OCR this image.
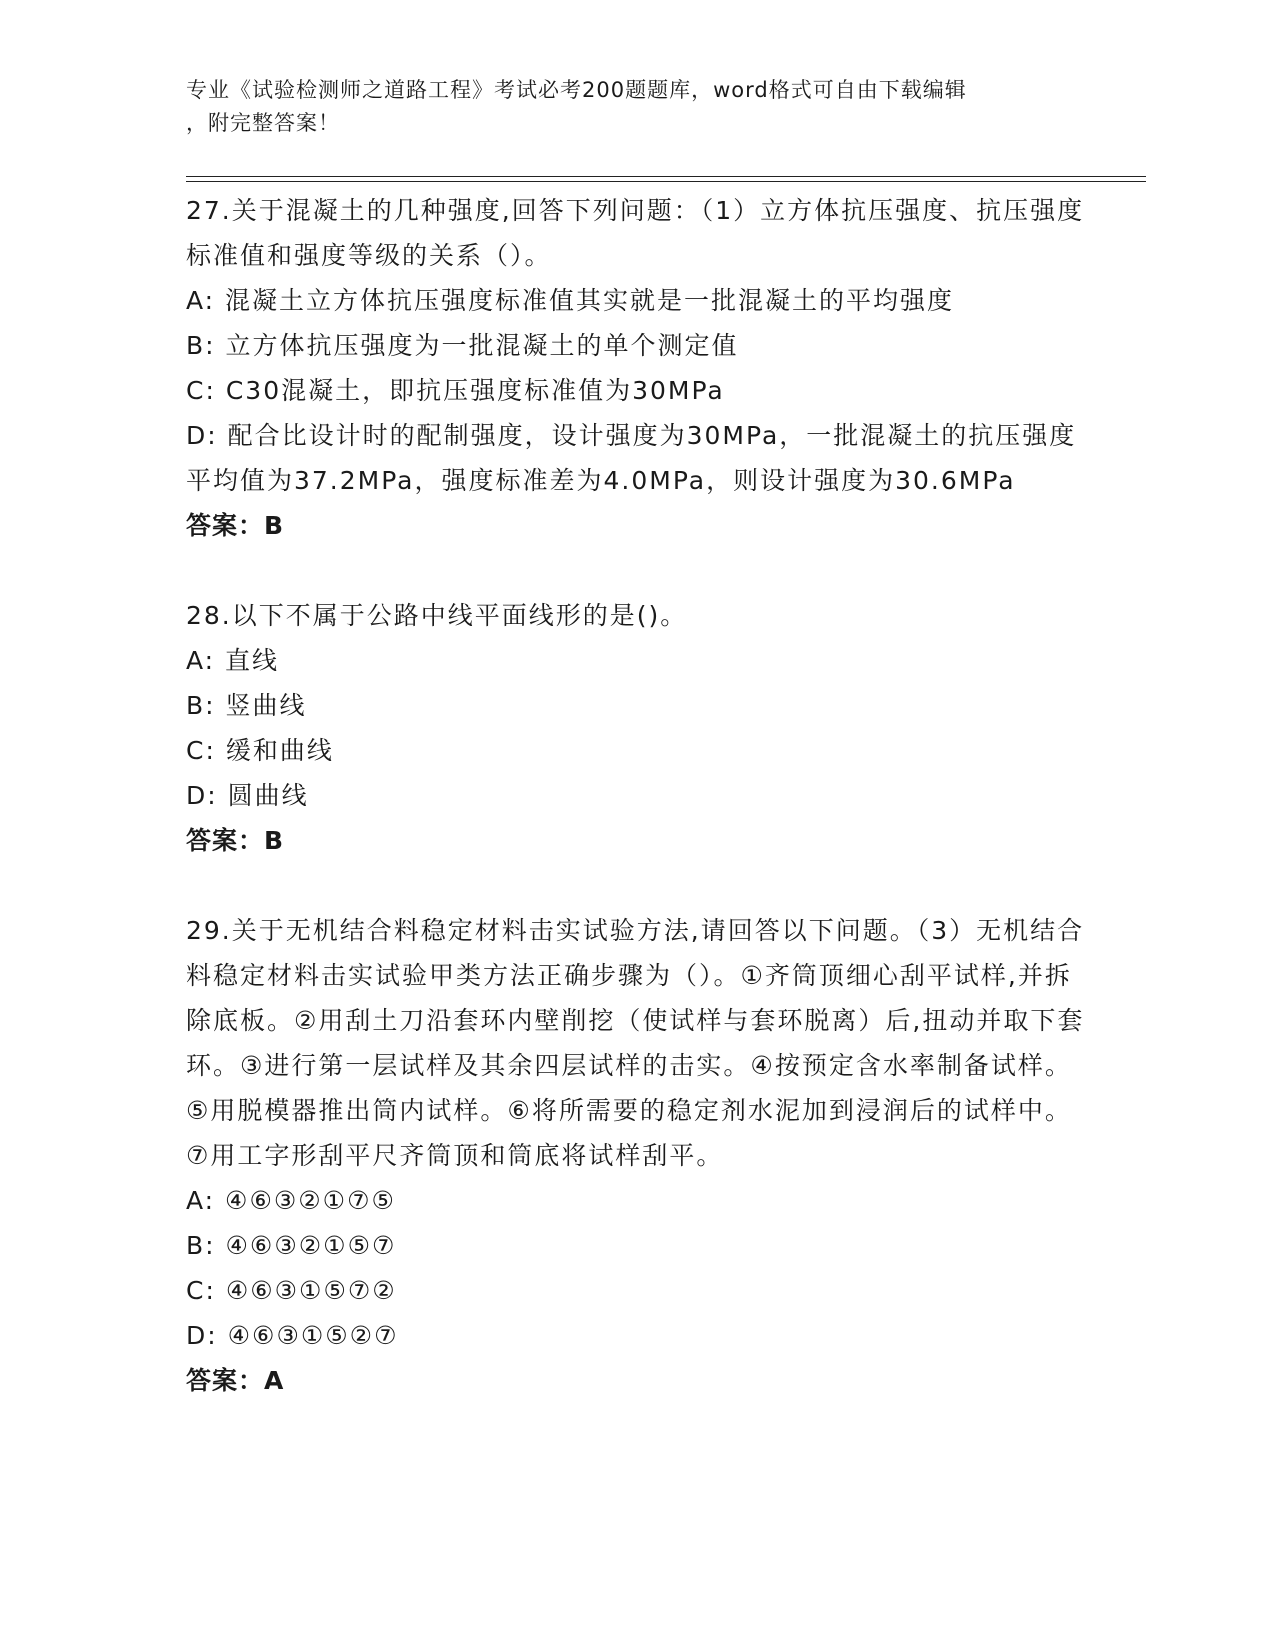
专业《试验检测师之道路工程》考试必考200题题库，word格式可自由下载编辑
，附完整答案！

27.关于混凝土的几种强度,回答下列问题：（1）立方体抗压强度、抗压强度标准值和强度等级的关系（）。

A: 混凝土立方体抗压强度标准值其实就是一批混凝土的平均强度

B: 立方体抗压强度为一批混凝土的单个测定值

C: C30混凝土，即抗压强度标准值为30MPa

D: 配合比设计时的配制强度，设计强度为30MPa，一批混凝土的抗压强度平均值为37.2MPa，强度标准差为4.0MPa，则设计强度为30.6MPa

答案：B

28.以下不属于公路中线平面线形的是()。

A: 直线

B: 竖曲线

C: 缓和曲线

D: 圆曲线

答案：B

29.关于无机结合料稳定材料击实试验方法,请回答以下问题。（3）无机结合料稳定材料击实试验甲类方法正确步骤为（）。①齐筒顶细心刮平试样,并拆除底板。②用刮土刀沿套环内壁削挖（使试样与套环脱离）后,扭动并取下套环。③进行第一层试样及其余四层试样的击实。④按预定含水率制备试样。⑤用脱模器推出筒内试样。⑥将所需要的稳定剂水泥加到浸润后的试样中。⑦用工字形刮平尺齐筒顶和筒底将试样刮平。

A: ④⑥③②①⑦⑤

B: ④⑥③②①⑤⑦

C: ④⑥③①⑤⑦②

D: ④⑥③①⑤②⑦

答案：A
